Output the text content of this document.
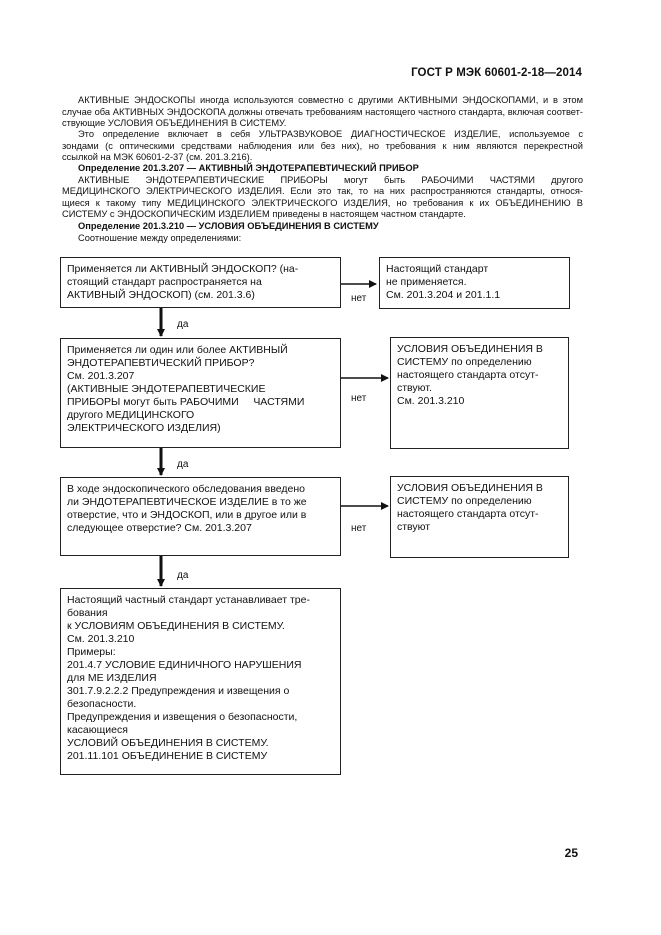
ГОСТ Р МЭК 60601-2-18—2014
АКТИВНЫЕ ЭНДОСКОПЫ иногда используются совместно с другими АКТИВНЫМИ ЭНДОСКОПАМИ, и в этом
случае оба АКТИВНЫХ ЭНДОСКОПА должны отвечать требованиям настоящего частного стандарта, включая соответ-
ствующие УСЛОВИЯ ОБЪЕДИНЕНИЯ В СИСТЕМУ.
Это определение включает в себя УЛЬТРАЗВУКОВОЕ ДИАГНОСТИЧЕСКОЕ ИЗДЕЛИЕ, используемое с
зондами (с оптическими средствами наблюдения или без них), но требования к ним являются перекрестной
ссылкой на МЭК 60601-2-37 (см. 201.3.216).
Определение 201.3.207 — АКТИВНЫЙ ЭНДОТЕРАПЕВТИЧЕСКИЙ ПРИБОР
АКТИВНЫЕ ЭНДОТЕРАПЕВТИЧЕСКИЕ ПРИБОРЫ могут быть РАБОЧИМИ ЧАСТЯМИ другого
МЕДИЦИНСКОГО ЭЛЕКТРИЧЕСКОГО ИЗДЕЛИЯ. Если это так, то на них распространяются стандарты, относя-
щиеся к такому типу МЕДИЦИНСКОГО ЭЛЕКТРИЧЕСКОГО ИЗДЕЛИЯ, но требования к их ОБЪЕДИНЕНИЮ В
СИСТЕМУ с ЭНДОСКОПИЧЕСКИМ ИЗДЕЛИЕМ приведены в настоящем частном стандарте.
Определение 201.3.210 — УСЛОВИЯ ОБЪЕДИНЕНИЯ В СИСТЕМУ
Соотношение между определениями:
Применяется ли АКТИВНЫЙ ЭНДОСКОП? (на-
стоящий стандарт распространяется на
АКТИВНЫЙ ЭНДОСКОП) (см. 201.3.6)
Настоящий стандарт
не применяется.
См. 201.3.204 и 201.1.1
Применяется ли один или более АКТИВНЫЙ
ЭНДОТЕРАПЕВТИЧЕСКИЙ ПРИБОР?
См. 201.3.207
(АКТИВНЫЕ ЭНДОТЕРАПЕВТИЧЕСКИЕ
ПРИБОРЫ могут быть РАБОЧИМИ     ЧАСТЯМИ
другого МЕДИЦИНСКОГО
ЭЛЕКТРИЧЕСКОГО ИЗДЕЛИЯ)
УСЛОВИЯ ОБЪЕДИНЕНИЯ В
СИСТЕМУ по определению
настоящего стандарта отсут-
ствуют.
См. 201.3.210
В ходе эндоскопического обследования введено
ли ЭНДОТЕРАПЕВТИЧЕСКОЕ ИЗДЕЛИЕ в то же
отверстие, что и ЭНДОСКОП, или в другое или в
следующее отверстие? См. 201.3.207
УСЛОВИЯ ОБЪЕДИНЕНИЯ В
СИСТЕМУ по определению
настоящего стандарта отсут-
ствуют
Настоящий частный стандарт устанавливает тре-
бования
к УСЛОВИЯМ ОБЪЕДИНЕНИЯ В СИСТЕМУ.
См. 201.3.210
Примеры:
201.4.7 УСЛОВИЕ ЕДИНИЧНОГО НАРУШЕНИЯ
для МЕ ИЗДЕЛИЯ
301.7.9.2.2.2 Предупреждения и извещения о
безопасности.
Предупреждения и извещения о безопасности,
касающиеся
УСЛОВИЙ ОБЪЕДИНЕНИЯ В СИСТЕМУ.
201.11.101 ОБЪЕДИНЕНИЕ В СИСТЕМУ
да
да
да
нет
нет
нет
25
